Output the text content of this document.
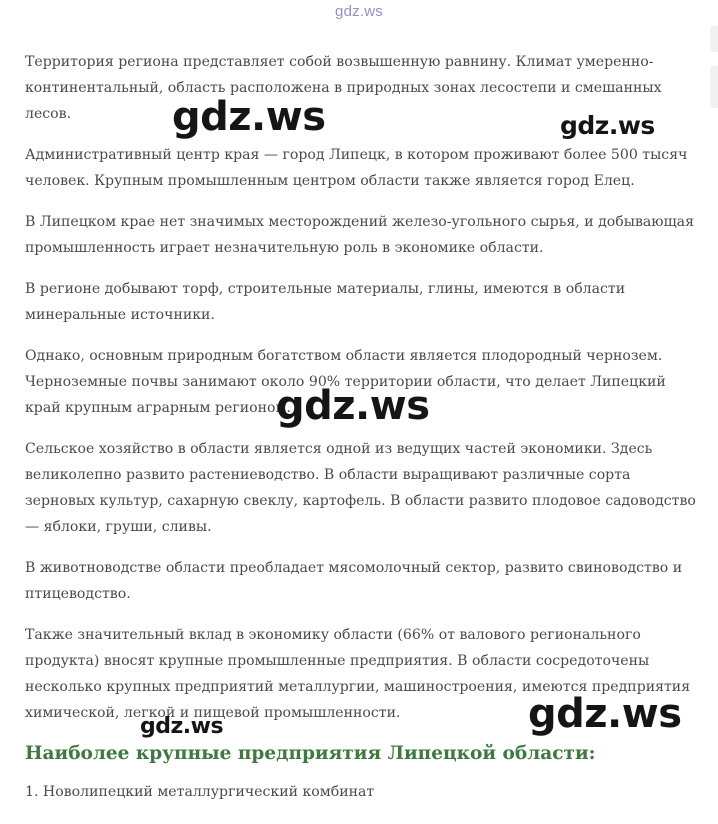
gdz.ws

Территория региона представляет собой возвышенную равнину. Климат умеренно-континентальный, область расположена в природных зонах лесостепи и смешанных лесов.

Административный центр края — город Липецк, в котором проживают более 500 тысяч человек. Крупным промышленным центром области также является город Елец.

В Липецком крае нет значимых месторождений железо-угольного сырья, и добывающая промышленность играет незначительную роль в экономике области.

В регионе добывают торф, строительные материалы, глины, имеются в области минеральные источники.

Однако, основным природным богатством области является плодородный чернозем. Черноземные почвы занимают около 90% территории области, что делает Липецкий край крупным аграрным регионом.

Сельское хозяйство в области является одной из ведущих частей экономики. Здесь великолепно развито растениеводство. В области выращивают различные сорта зерновых культур, сахарную свеклу, картофель. В области развито плодовое садоводство — яблоки, груши, сливы.

В животноводстве области преобладает мясомолочный сектор, развито свиноводство и птицеводство.

Также значительный вклад в экономику области (66% от валового регионального продукта) вносят крупные промышленные предприятия. В области сосредоточены несколько крупных предприятий металлургии, машиностроения, имеются предприятия химической, легкой и пищевой промышленности.

Наиболее крупные предприятия Липецкой области:

1. Новолипецкий металлургический комбинат

gdz.ws	gdz.ws
gdz.ws
gdz.ws	gdz.ws
